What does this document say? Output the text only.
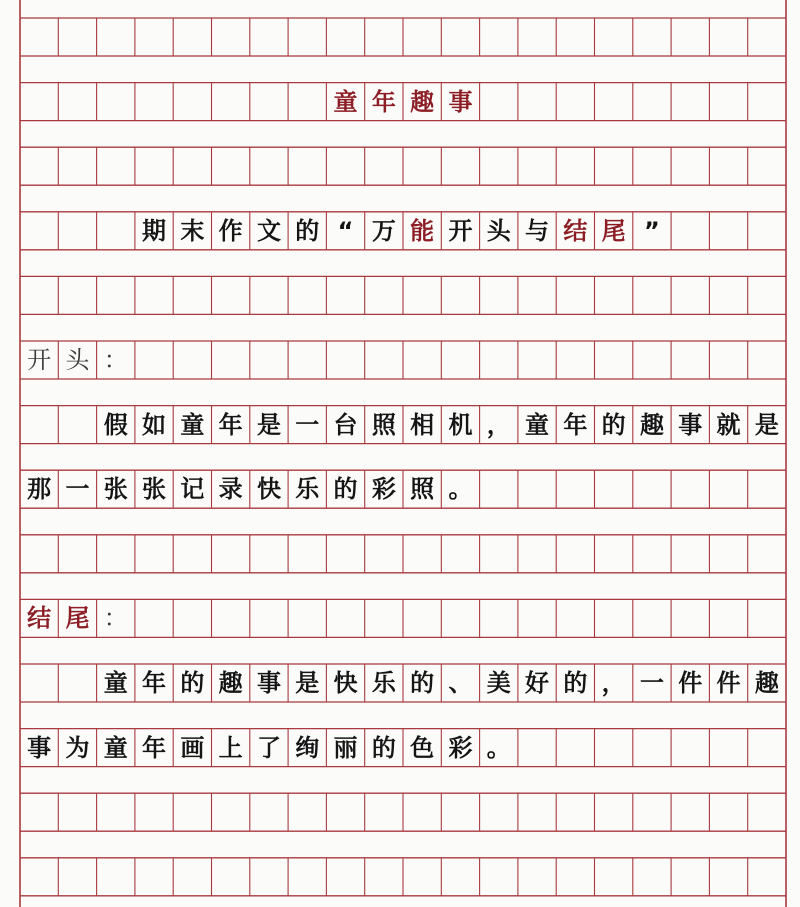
童 年 趣 事
期 末 作 文 的 “ 万 能 开 头 与 结 尾 ”
开 头 ：
假 如 童 年 是 一 台 照 相 机 ， 童 年 的 趣 事 就 是
那 一 张 张 记 录 快 乐 的 彩 照 。
结 尾 ：
童 年 的 趣 事 是 快 乐 的 、 美 好 的 ， 一 件 件 趣
事 为 童 年 画 上 了 绚 丽 的 色 彩 。
